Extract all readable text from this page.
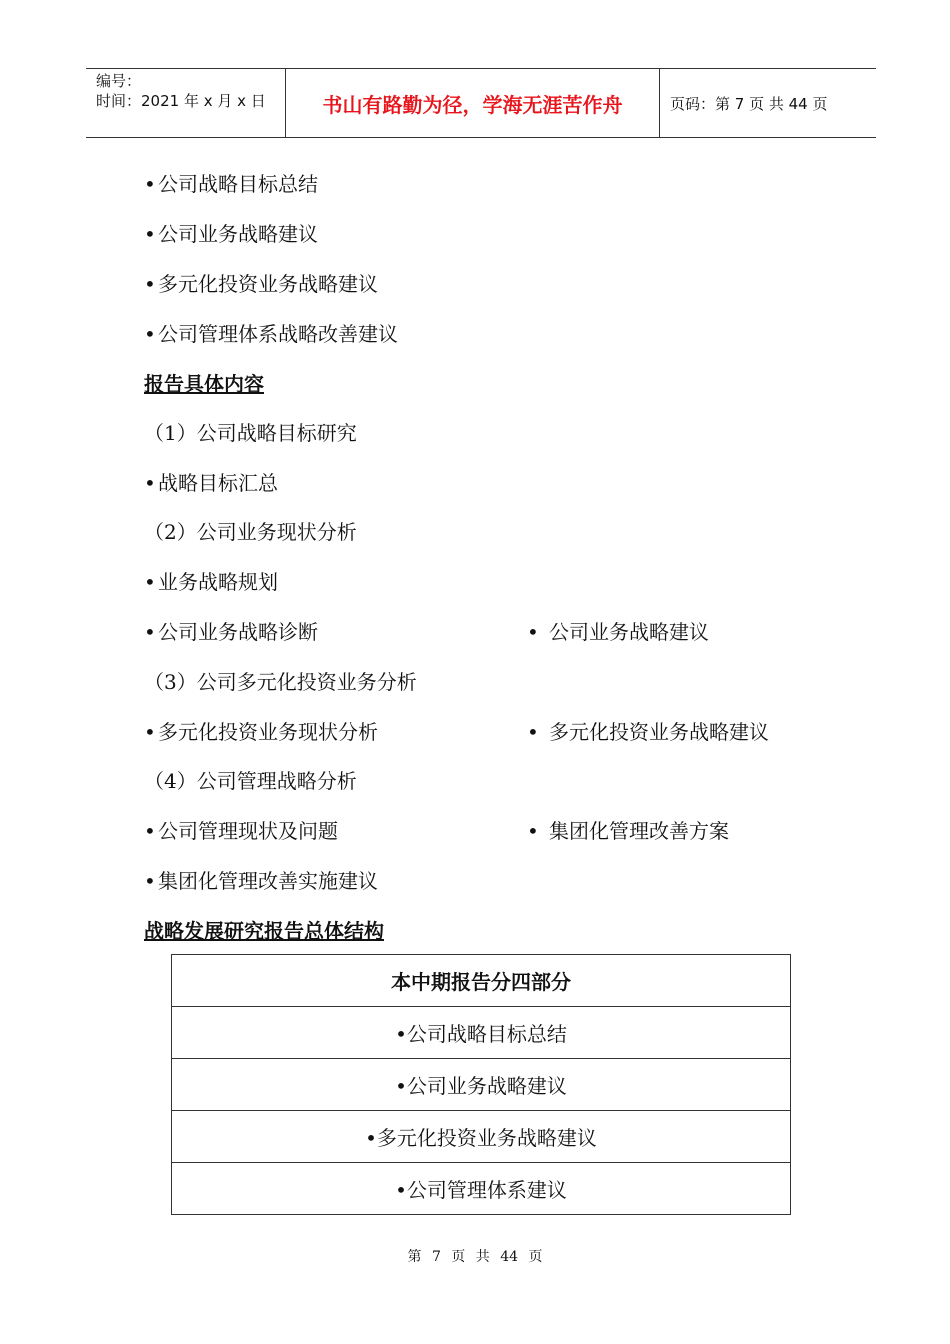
编号：
时间：2021 年 x 月 x 日	书山有路勤为径，学海无涯苦作舟	页码：第 7 页 共 44 页
• 公司战略目标总结
• 公司业务战略建议
• 多元化投资业务战略建议
• 公司管理体系战略改善建议
报告具体内容
（1）公司战略目标研究
• 战略目标汇总
（2）公司业务现状分析
• 业务战略规划
• 公司业务战略诊断	• 公司业务战略建议
（3）公司多元化投资业务分析
• 多元化投资业务现状分析	• 多元化投资业务战略建议
（4）公司管理战略分析
• 公司管理现状及问题	• 集团化管理改善方案
• 集团化管理改善实施建议
战略发展研究报告总体结构
本中期报告分四部分
•公司战略目标总结
•公司业务战略建议
•多元化投资业务战略建议
•公司管理体系建议
第 7 页 共 44 页
